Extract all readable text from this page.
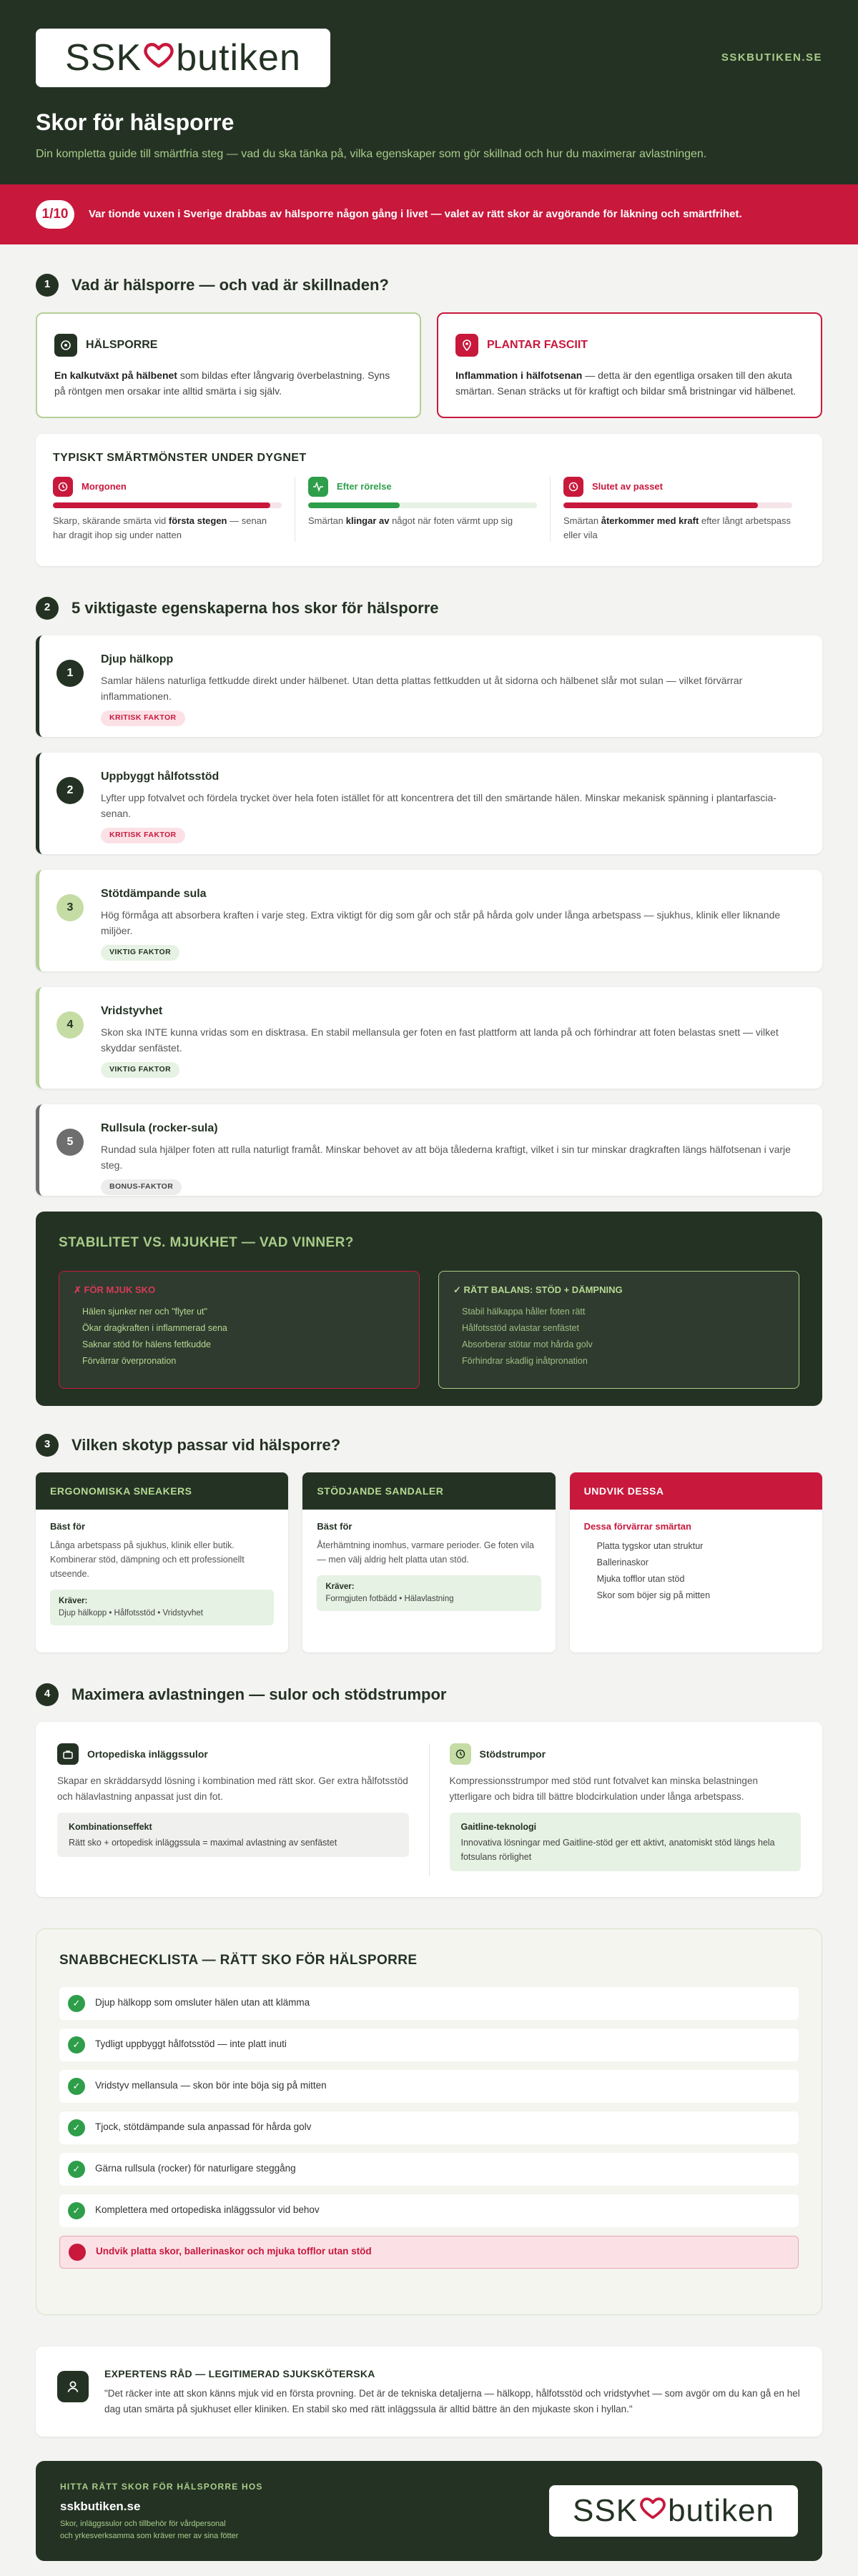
SSK butiken	SSKBUTIKEN.SE
Skor för hälsporre

Din kompletta guide till smärtfria steg — vad du ska tänka på, vilka egenskaper som gör skillnad och hur du maximerar avlastningen.

1/10	Var tionde vuxen i Sverige drabbas av hälsporre någon gång i livet — valet av rätt skor är avgörande för läkning och smärtfrihet.
1	Vad är hälsporre — och vad är skillnaden?
HÄLSPORRE

En kalkutväxt på hälbenet som bildas efter långvarig överbelastning. Syns på röntgen men orsakar inte alltid smärta i sig själv.

PLANTAR FASCIIT

Inflammation i hälfotsenan — detta är den egentliga orsaken till den akuta smärtan. Senan sträcks ut för kraftigt och bildar små bristningar vid hälbenet.

TYPISKT SMÄRTMÖNSTER UNDER DYGNET
Morgonen

Skarp, skärande smärta vid första stegen — senan har dragit ihop sig under natten

Efter rörelse

Smärtan klingar av något när foten värmt upp sig

Slutet av passet

Smärtan återkommer med kraft efter långt arbetspass eller vila

2	5 viktigaste egenskaperna hos skor för hälsporre
1
Djup hälkopp

Samlar hälens naturliga fettkudde direkt under hälbenet. Utan detta plattas fettkudden ut åt sidorna och hälbenet slår mot sulan — vilket förvärrar inflammationen.

KRITISK FAKTOR
2
Uppbyggt hålfotsstöd

Lyfter upp fotvalvet och fördela trycket över hela foten istället för att koncentrera det till den smärtande hälen. Minskar mekanisk spänning i plantarfascia-senan.

KRITISK FAKTOR
3
Stötdämpande sula

Hög förmåga att absorbera kraften i varje steg. Extra viktigt för dig som går och står på hårda golv under långa arbetspass — sjukhus, klinik eller liknande miljöer.

VIKTIG FAKTOR
4
Vridstyvhet

Skon ska INTE kunna vridas som en disktrasa. En stabil mellansula ger foten en fast plattform att landa på och förhindrar att foten belastas snett — vilket skyddar senfästet.

VIKTIG FAKTOR
5
Rullsula (rocker-sula)

Rundad sula hjälper foten att rulla naturligt framåt. Minskar behovet av att böja tålederna kraftigt, vilket i sin tur minskar dragkraften längs hälfotsenan i varje steg.

BONUS-FAKTOR
STABILITET VS. MJUKHET — VAD VINNER?
✗ FÖR MJUK SKO
Hälen sjunker ner och "flyter ut"
Ökar dragkraften i inflammerad sena
Saknar stöd för hälens fettkudde
Förvärrar överpronation
✓ RÄTT BALANS: STÖD + DÄMPNING
Stabil hälkappa håller foten rätt
Hålfotsstöd avlastar senfästet
Absorberar stötar mot hårda golv
Förhindrar skadlig inåtpronation
3	Vilken skotyp passar vid hälsporre?
ERGONOMISKA SNEAKERS
Bäst för

Långa arbetspass på sjukhus, klinik eller butik. Kombinerar stöd, dämpning och ett professionellt utseende.

Kräver:
Djup hälkopp • Hålfotsstöd • Vridstyvhet
STÖDJANDE SANDALER
Bäst för

Återhämtning inomhus, varmare perioder. Ge foten vila — men välj aldrig helt platta utan stöd.

Kräver:
Formgjuten fotbädd • Hälavlastning
UNDVIK DESSA
Dessa förvärrar smärtan
Platta tygskor utan struktur
Ballerinaskor
Mjuka tofflor utan stöd
Skor som böjer sig på mitten
4	Maximera avlastningen — sulor och stödstrumpor
Ortopediska inläggssulor

Skapar en skräddarsydd lösning i kombination med rätt skor. Ger extra hålfotsstöd och hälavlastning anpassat just din fot.

Kombinationseffekt
Rätt sko + ortopedisk inläggssula = maximal avlastning av senfästet
Stödstrumpor

Kompressionsstrumpor med stöd runt fotvalvet kan minska belastningen ytterligare och bidra till bättre blodcirkulation under långa arbetspass.

Gaitline-teknologi
Innovativa lösningar med Gaitline-stöd ger ett aktivt, anatomiskt stöd längs hela fotsulans rörlighet
SNABBCHECKLISTA — RÄTT SKO FÖR HÄLSPORRE
✓	Djup hälkopp som omsluter hälen utan att klämma
✓	Tydligt uppbyggt hålfotsstöd — inte platt inuti
✓	Vridstyv mellansula — skon bör inte böja sig på mitten
✓	Tjock, stötdämpande sula anpassad för hårda golv
✓	Gärna rullsula (rocker) för naturligare steggång
✓	Komplettera med ortopediska inläggssulor vid behov
✕	Undvik platta skor, ballerinaskor och mjuka tofflor utan stöd
EXPERTENS RÅD — LEGITIMERAD SJUKSKÖTERSKA

"Det räcker inte att skon känns mjuk vid en första provning. Det är de tekniska detaljerna — hälkopp, hålfotsstöd och vridstyvhet — som avgör om du kan gå en hel dag utan smärta på sjukhuset eller kliniken. En stabil sko med rätt inläggssula är alltid bättre än den mjukaste skon i hyllan."

HITTA RÄTT SKOR FÖR HÄLSPORRE HOS
sskbutiken.se
Skor, inläggssulor och tillbehör för vårdpersonal
och yrkesverksamma som kräver mer av sina fötter
SSK butiken
